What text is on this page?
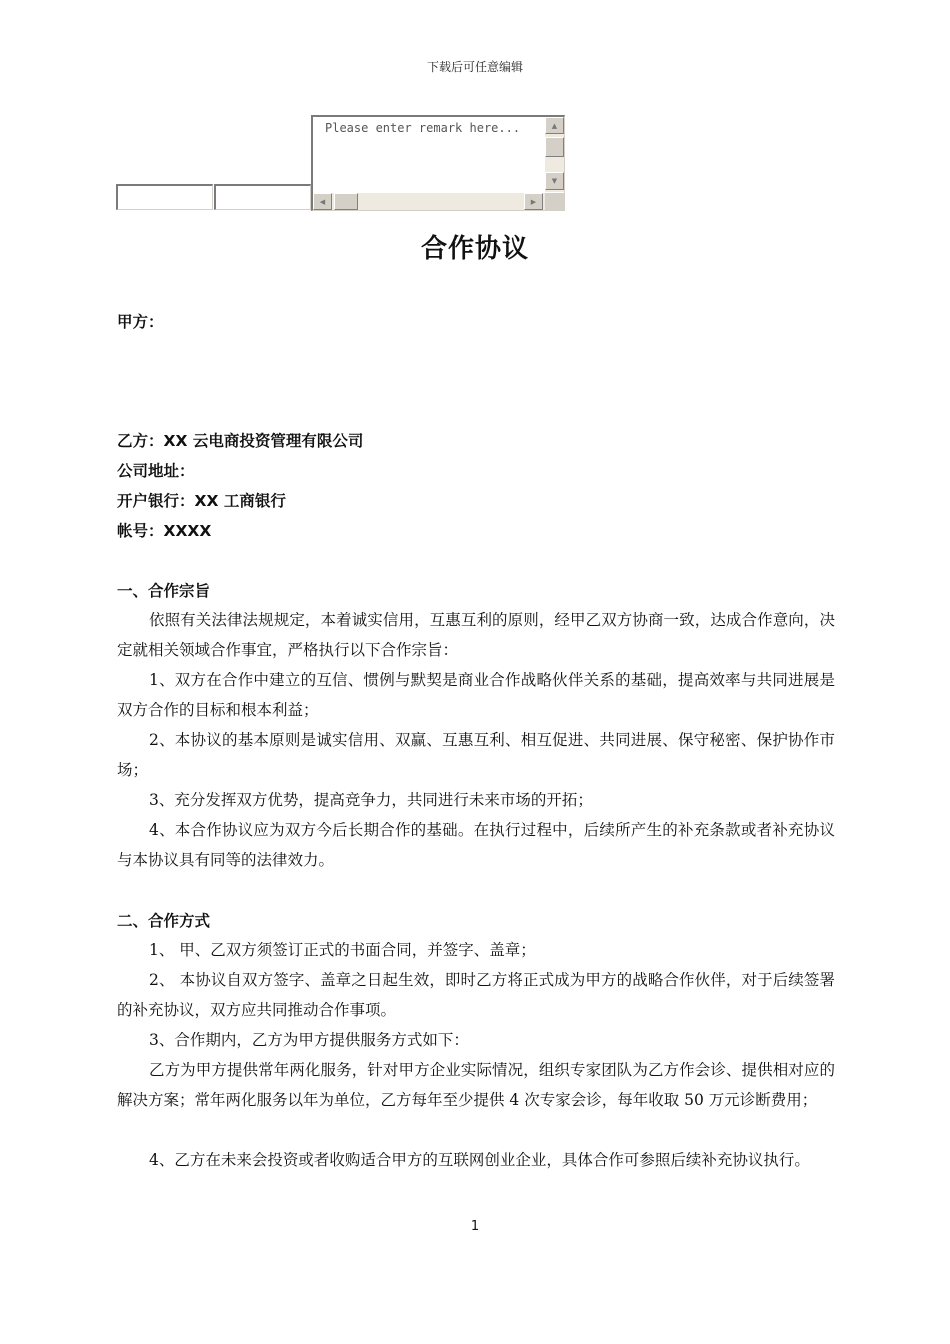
下载后可任意编辑
Please enter remark here...	▲
▼
◀	▶
合作协议
甲方：
乙方：XX 云电商投资管理有限公司
公司地址：
开户银行：XX 工商银行
帐号：XXXX
一、合作宗旨
依照有关法律法规规定，本着诚实信用，互惠互利的原则，经甲乙双方协商一致，达成合作意向，决定就相关领域合作事宜，严格执行以下合作宗旨：
1、双方在合作中建立的互信、惯例与默契是商业合作战略伙伴关系的基础，提高效率与共同进展是双方合作的目标和根本利益；
2、本协议的基本原则是诚实信用、双赢、互惠互利、相互促进、共同进展、保守秘密、保护协作市场；
3、充分发挥双方优势，提高竞争力，共同进行未来市场的开拓；
4、本合作协议应为双方今后长期合作的基础。在执行过程中，后续所产生的补充条款或者补充协议与本协议具有同等的法律效力。
二、合作方式
1、 甲、乙双方须签订正式的书面合同，并签字、盖章；
2、 本协议自双方签字、盖章之日起生效，即时乙方将正式成为甲方的战略合作伙伴，对于后续签署的补充协议，双方应共同推动合作事项。
3、合作期内，乙方为甲方提供服务方式如下：
乙方为甲方提供常年两化服务，针对甲方企业实际情况，组织专家团队为乙方作会诊、提供相对应的解决方案；常年两化服务以年为单位，乙方每年至少提供 4 次专家会诊，每年收取 50 万元诊断费用；
4、乙方在未来会投资或者收购适合甲方的互联网创业企业，具体合作可参照后续补充协议执行。
1
